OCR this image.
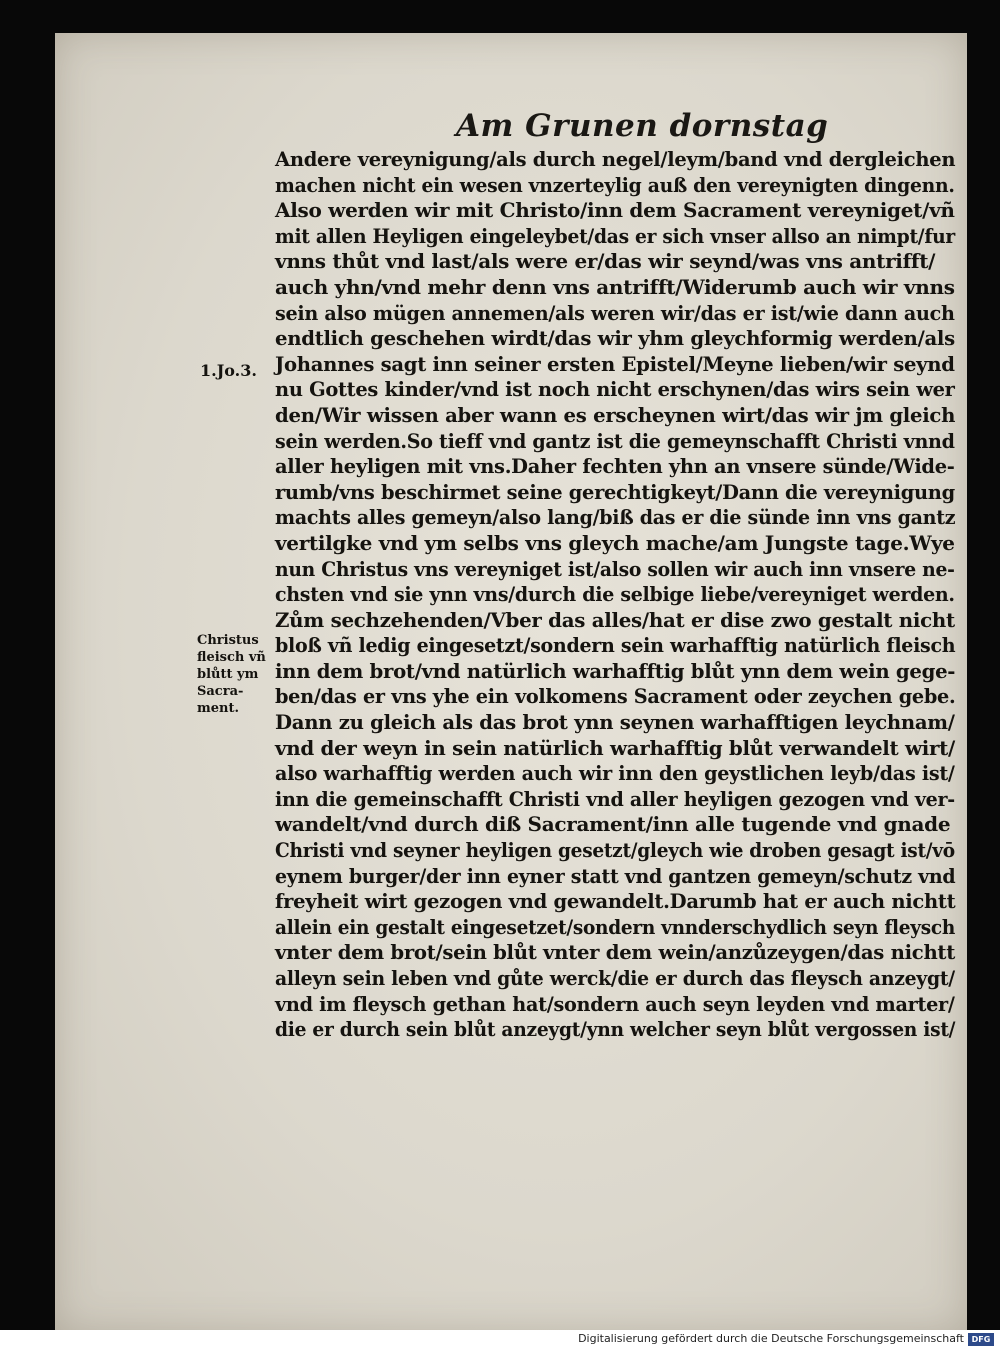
Am Grunen dornstag
1.Jo.3.
Christus
fleisch vñ
blůtt ym
Sacra-
ment.
Andere vereynigung/als durch negel/leym/band vnd dergleichen
machen nicht ein wesen vnzerteylig auß den vereynigten dingenn.
Also werden wir mit Christo/inn dem Sacrament vereyniget/vñ
mit allen Heyligen eingeleybet/das er sich vnser allso an nimpt/fur
vnns thůt vnd last/als were er/das wir seynd/was vns antrifft/
auch yhn/vnd mehr denn vns antrifft/Widerumb auch wir vnns
sein also mügen annemen/als weren wir/das er ist/wie dann auch
endtlich geschehen wirdt/das wir yhm gleychformig werden/als
Johannes sagt inn seiner ersten Epistel/Meyne lieben/wir seynd
nu Gottes kinder/vnd ist noch nicht erschynen/das wirs sein wer
den/Wir wissen aber wann es erscheynen wirt/das wir jm gleich
sein werden.So tieff vnd gantz ist die gemeynschafft Christi vnnd
aller heyligen mit vns.Daher fechten yhn an vnsere sünde/Wide-
rumb/vns beschirmet seine gerechtigkeyt/Dann die vereynigung
machts alles gemeyn/also lang/biß das er die sünde inn vns gantz
vertilgke vnd ym selbs vns gleych mache/am Jungste tage.Wye
nun Christus vns vereyniget ist/also sollen wir auch inn vnsere ne-
chsten vnd sie ynn vns/durch die selbige liebe/vereyniget werden.
Zům sechzehenden/Vber das alles/hat er dise zwo gestalt nicht
bloß vñ ledig eingesetzt/sondern sein warhafftig natürlich fleisch
inn dem brot/vnd natürlich warhafftig blůt ynn dem wein gege-
ben/das er vns yhe ein volkomens Sacrament oder zeychen gebe.
Dann zu gleich als das brot ynn seynen warhafftigen leychnam/
vnd der weyn in sein natürlich warhafftig blůt verwandelt wirt/
also warhafftig werden auch wir inn den geystlichen leyb/das ist/
inn die gemeinschafft Christi vnd aller heyligen gezogen vnd ver-
wandelt/vnd durch diß Sacrament/inn alle tugende vnd gnade
Christi vnd seyner heyligen gesetzt/gleych wie droben gesagt ist/vō
eynem burger/der inn eyner statt vnd gantzen gemeyn/schutz vnd
freyheit wirt gezogen vnd gewandelt.Darumb hat er auch nichtt
allein ein gestalt eingesetzet/sondern vnnderschydlich seyn fleysch
vnter dem brot/sein blůt vnter dem wein/anzůzeygen/das nichtt
alleyn sein leben vnd gůte werck/die er durch das fleysch anzeygt/
vnd im fleysch gethan hat/sondern auch seyn leyden vnd marter/
die er durch sein blůt anzeygt/ynn welcher seyn blůt vergossen ist/
Digitalisierung gefördert durch die Deutsche Forschungsgemeinschaft DFG
